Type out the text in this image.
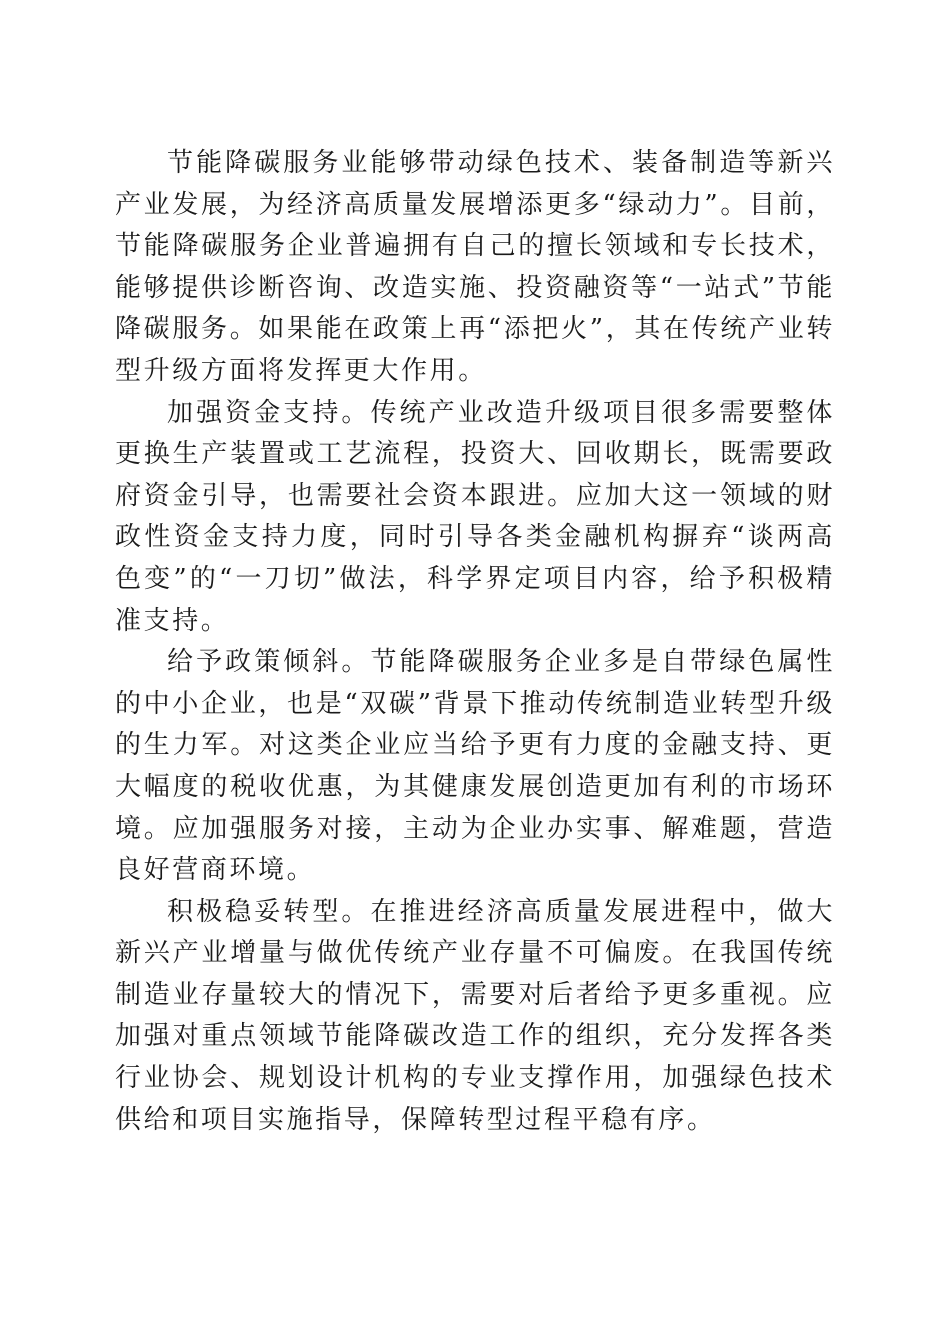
节能降碳服务业能够带动绿色技术、装备制造等新兴产业发展，为经济高质量发展增添更多“绿动力”。目前，节能降碳服务企业普遍拥有自己的擅长领域和专长技术，能够提供诊断咨询、改造实施、投资融资等“一站式”节能降碳服务。如果能在政策上再“添把火”，其在传统产业转型升级方面将发挥更大作用。

加强资金支持。传统产业改造升级项目很多需要整体更换生产装置或工艺流程，投资大、回收期长，既需要政府资金引导，也需要社会资本跟进。应加大这一领域的财政性资金支持力度，同时引导各类金融机构摒弃“谈两高色变”的“一刀切”做法，科学界定项目内容，给予积极精准支持。

给予政策倾斜。节能降碳服务企业多是自带绿色属性的中小企业，也是“双碳”背景下推动传统制造业转型升级的生力军。对这类企业应当给予更有力度的金融支持、更大幅度的税收优惠，为其健康发展创造更加有利的市场环境。应加强服务对接，主动为企业办实事、解难题，营造良好营商环境。

积极稳妥转型。在推进经济高质量发展进程中，做大新兴产业增量与做优传统产业存量不可偏废。在我国传统制造业存量较大的情况下，需要对后者给予更多重视。应加强对重点领域节能降碳改造工作的组织，充分发挥各类行业协会、规划设计机构的专业支撑作用，加强绿色技术供给和项目实施指导，保障转型过程平稳有序。
